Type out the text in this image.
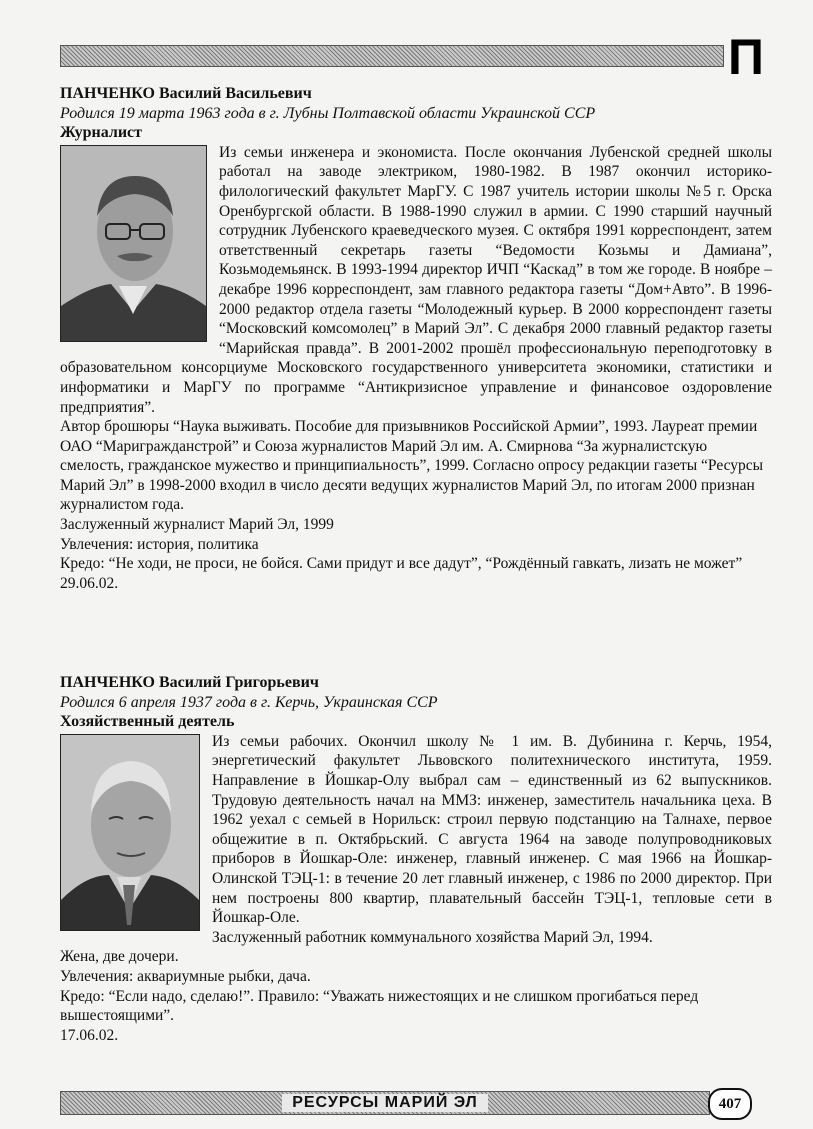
П

ПАНЧЕНКО Василий Васильевич

Родился 19 марта 1963 года в г. Лубны Полтавской области Украинской ССР

Журналист

Из семьи инженера и экономиста. После окончания Лубенской средней школы работал на заводе электриком, 1980-1982. В 1987 окончил историко-филологический факультет МарГУ. С 1987 учитель истории школы №5 г. Орска Оренбургской области. В 1988-1990 служил в армии. С 1990 старший научный сотрудник Лубенского краеведческого музея. С октября 1991 корреспондент, затем ответственный секретарь газеты “Ведомости Козьмы и Дамиана”, Козьмодемьянск. В 1993-1994 директор ИЧП “Каскад” в том же городе. В ноябре – декабре 1996 корреспондент, зам главного редактора газеты “Дом+Авто”. В 1996-2000 редактор отдела газеты “Молодежный курьер. В 2000 корреспондент газеты “Московский комсомолец” в Марий Эл”. С декабря 2000 главный редактор газеты “Марийская правда”. В 2001-2002 прошёл профессиональную переподготовку в образовательном консорциуме Московского государственного университета экономики, статистики и информатики и МарГУ по программе “Антикризисное управление и финансовое оздоровление предприятия”.

Автор брошюры “Наука выживать. Пособие для призывников Российской Армии”, 1993. Лауреат премии ОАО “Маригражданстрой” и Союза журналистов Марий Эл им. А. Смирнова “За журналистскую смелость, гражданское мужество и принципиальность”, 1999. Согласно опросу редакции газеты “Ресурсы Марий Эл” в 1998-2000 входил в число десяти ведущих журналистов Марий Эл, по итогам 2000 признан журналистом года.

Заслуженный журналист Марий Эл, 1999

Увлечения: история, политика

Кредо: “Не ходи, не проси, не бойся. Сами придут и все дадут”, “Рождённый гавкать, лизать не может”

29.06.02.

ПАНЧЕНКО Василий Григорьевич

Родился 6 апреля 1937 года в г. Керчь, Украинская ССР

Хозяйственный деятель

Из семьи рабочих. Окончил школу № 1 им. В. Дубинина г. Керчь, 1954, энергетический факультет Львовского политехнического института, 1959. Направление в Йошкар-Олу выбрал сам – единственный из 62 выпускников. Трудовую деятельность начал на ММЗ: инженер, заместитель начальника цеха. В 1962 уехал с семьей в Норильск: строил первую подстанцию на Талнахе, первое общежитие в п. Октябрьский. С августа 1964 на заводе полупроводниковых приборов в Йошкар-Оле: инженер, главный инженер. С мая 1966 на Йошкар-Олинской ТЭЦ-1: в течение 20 лет главный инженер, с 1986 по 2000 директор. При нем построены 800 квартир, плавательный бассейн ТЭЦ-1, тепловые сети в Йошкар-Оле.

Заслуженный работник коммунального хозяйства Марий Эл, 1994.

Жена, две дочери.

Увлечения: аквариумные рыбки, дача.

Кредо: “Если надо, сделаю!”. Правило: “Уважать нижестоящих и не слишком прогибаться перед вышестоящими”.

17.06.02.

РЕСУРСЫ МАРИЙ ЭЛ	407
